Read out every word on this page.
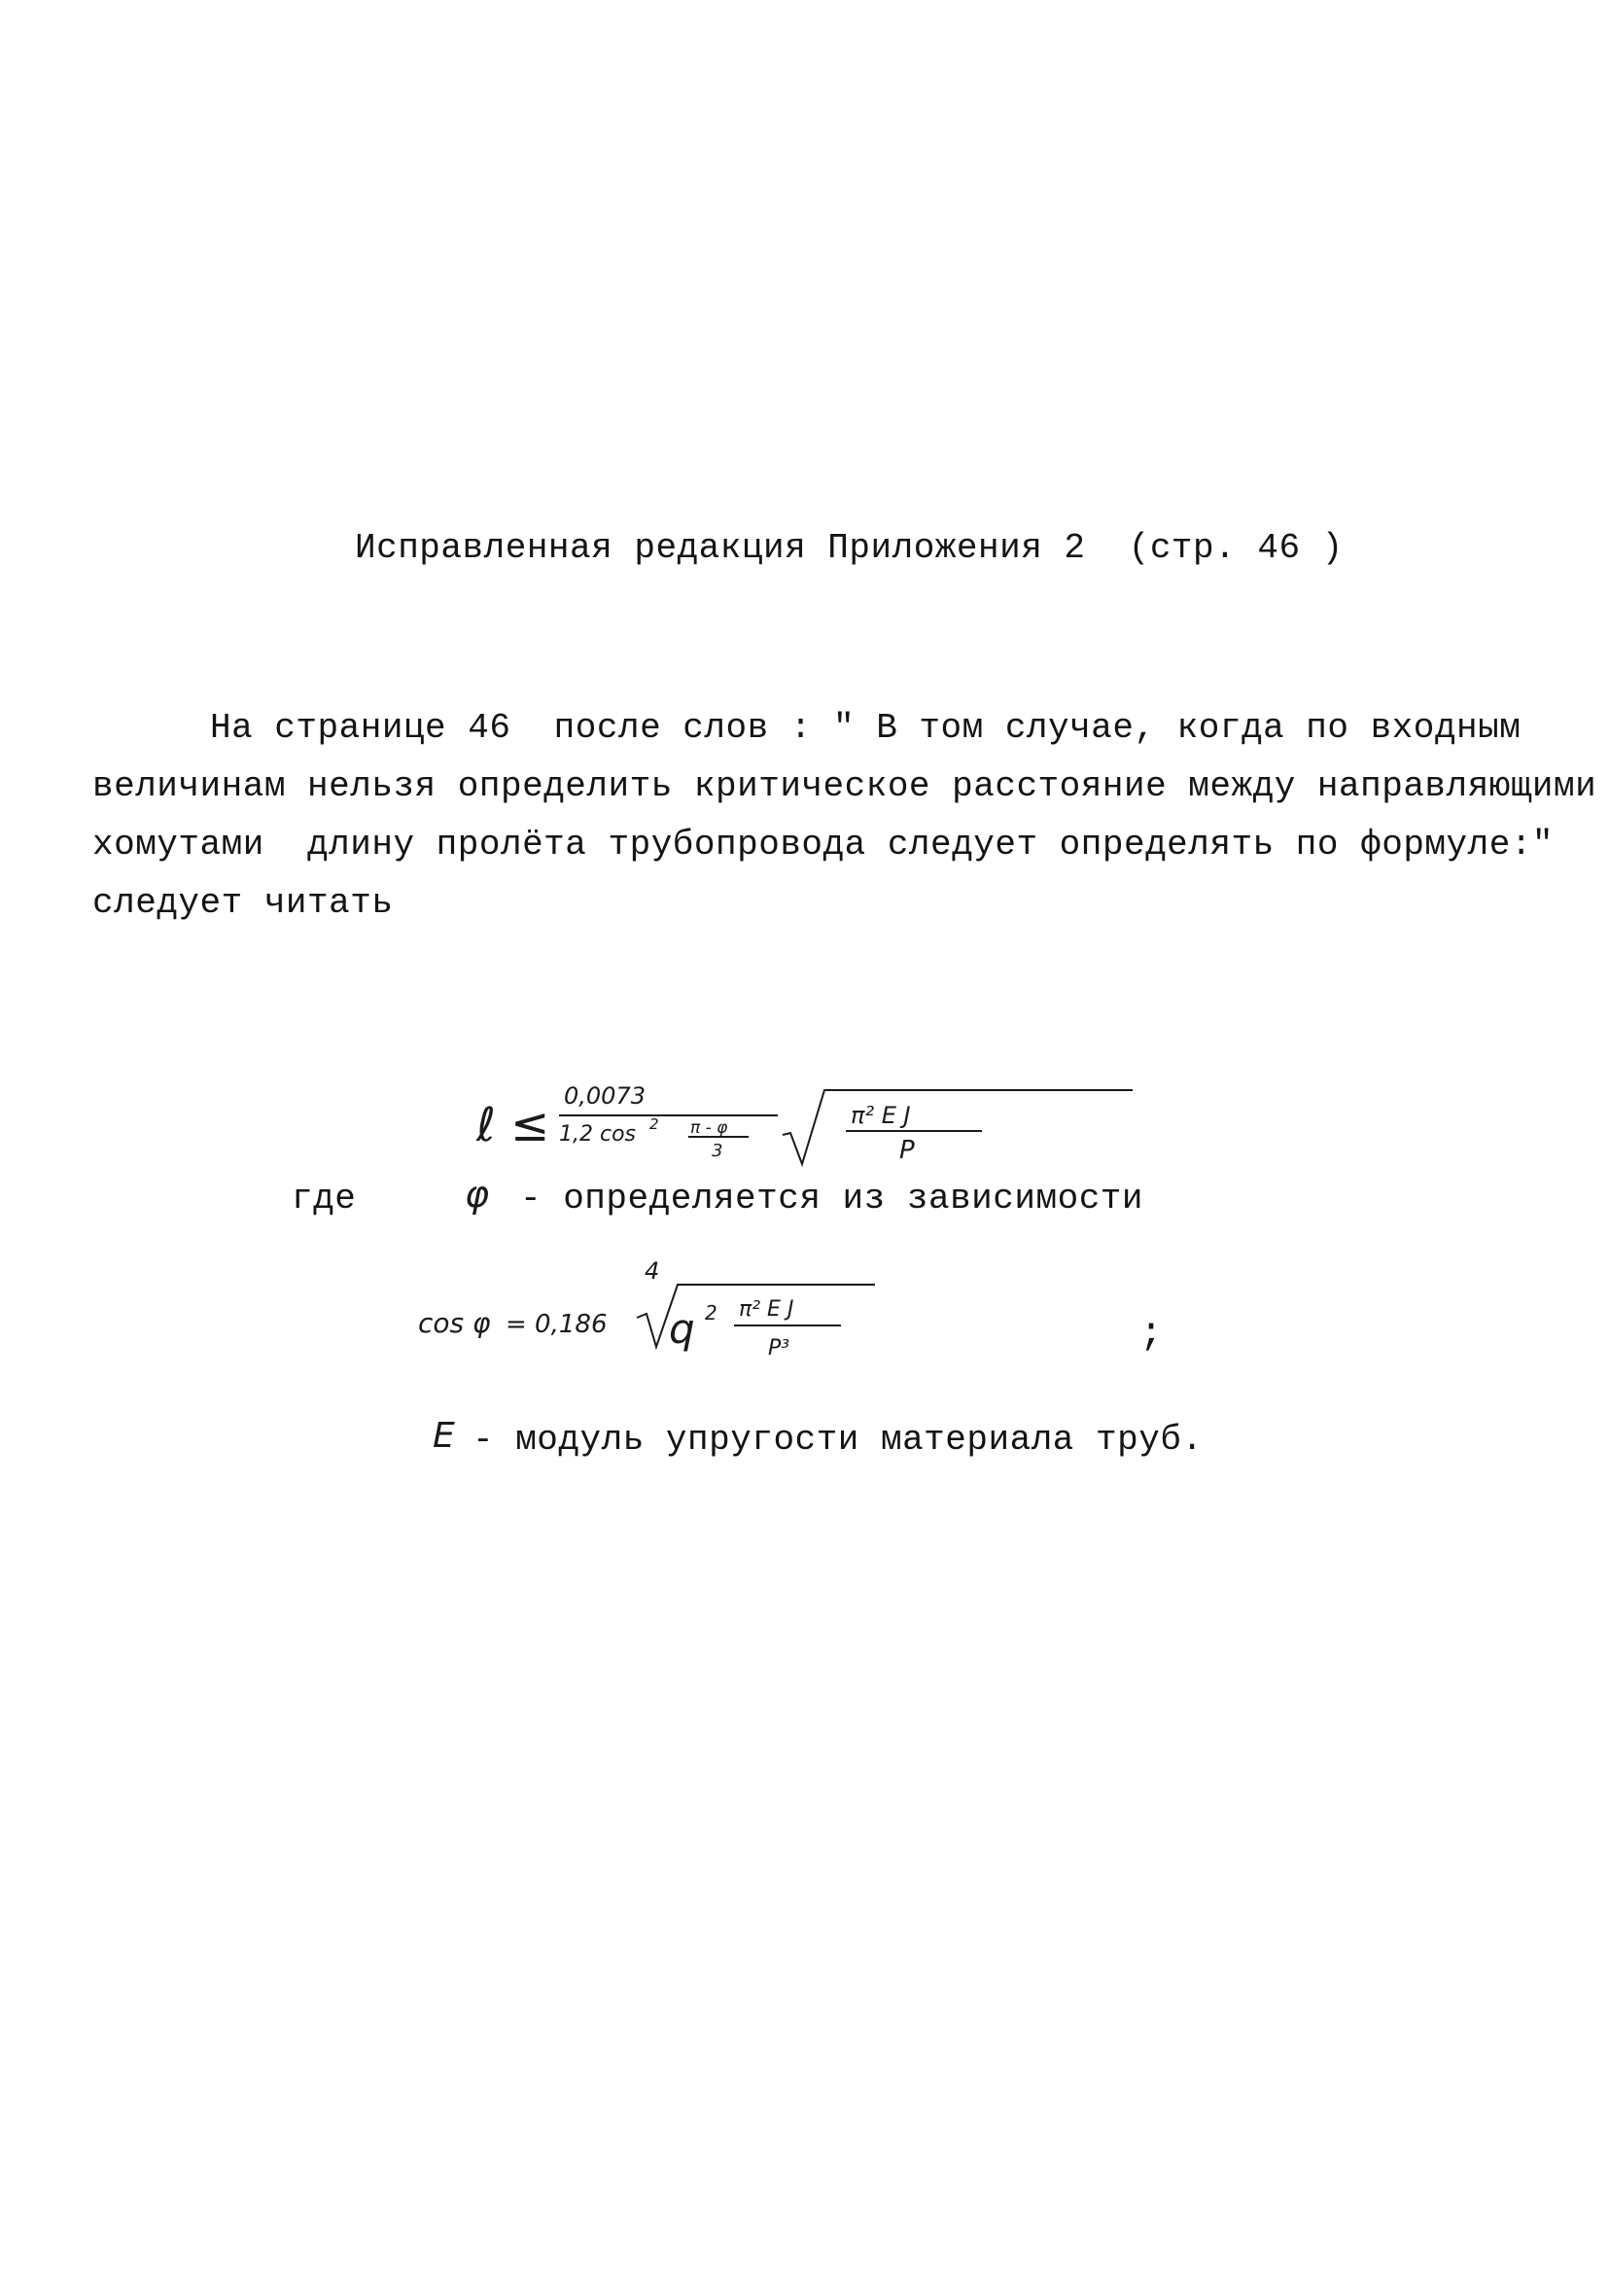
Исправленная редакция Приложения 2  (стр. 46 )
На странице 46  после слов : " В том случае, когда по входным
величинам нельзя определить критическое расстояние между направляющими
хомутами  длину пролёта трубопровода следует определять по формуле:"
следует читать
ℓ ≤
0,0073
1,2 cos 2 π - φ
3
π² E J
P
где	φ - определяется из зависимости
cos φ = 0,186
4
q 2 π² E J
P³	;
E - модуль упругости материала труб.
